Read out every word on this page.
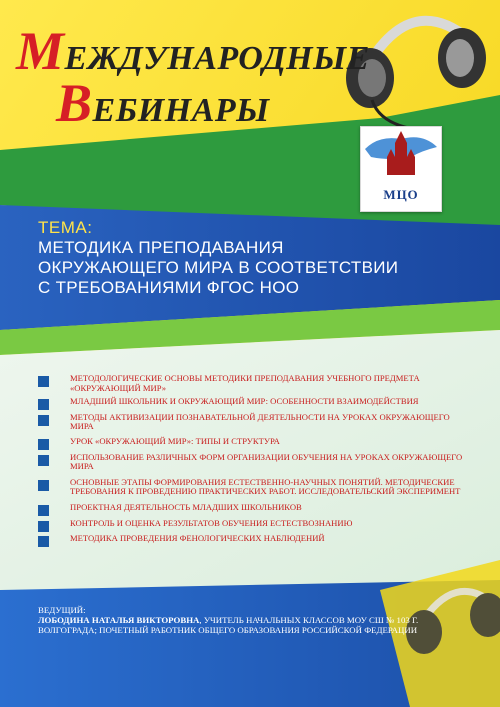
МЕЖДУНАРОДНЫЕ
ВЕБИНАРЫ
МЦО
ТЕМА:
МЕТОДИКА ПРЕПОДАВАНИЯ
ОКРУЖАЮЩЕГО МИРА В СООТВЕТСТВИИ
С ТРЕБОВАНИЯМИ ФГОС НОО
МЕТОДОЛОГИЧЕСКИЕ ОСНОВЫ МЕТОДИКИ ПРЕПОДАВАНИЯ УЧЕБНОГО ПРЕДМЕТА «ОКРУЖАЮЩИЙ МИР»
МЛАДШИЙ ШКОЛЬНИК И ОКРУЖАЮЩИЙ МИР: ОСОБЕННОСТИ ВЗАИМОДЕЙСТВИЯ
МЕТОДЫ АКТИВИЗАЦИИ ПОЗНАВАТЕЛЬНОЙ ДЕЯТЕЛЬНОСТИ НА УРОКАХ ОКРУЖАЮЩЕГО МИРА
УРОК «ОКРУЖАЮЩИЙ МИР»: ТИПЫ И СТРУКТУРА
ИСПОЛЬЗОВАНИЕ РАЗЛИЧНЫХ ФОРМ ОРГАНИЗАЦИИ ОБУЧЕНИЯ НА УРОКАХ ОКРУЖАЮЩЕГО МИРА
ОСНОВНЫЕ ЭТАПЫ ФОРМИРОВАНИЯ ЕСТЕСТВЕННО-НАУЧНЫХ ПОНЯТИЙ. МЕТОДИЧЕСКИЕ ТРЕБОВАНИЯ К ПРОВЕДЕНИЮ ПРАКТИЧЕСКИХ РАБОТ. ИССЛЕДОВАТЕЛЬСКИЙ ЭКСПЕРИМЕНТ
ПРОЕКТНАЯ ДЕЯТЕЛЬНОСТЬ МЛАДШИХ ШКОЛЬНИКОВ
КОНТРОЛЬ И ОЦЕНКА РЕЗУЛЬТАТОВ ОБУЧЕНИЯ ЕСТЕСТВОЗНАНИЮ
МЕТОДИКА ПРОВЕДЕНИЯ ФЕНОЛОГИЧЕСКИХ НАБЛЮДЕНИЙ
ВЕДУЩИЙ:
ЛОБОДИНА НАТАЛЬЯ ВИКТОРОВНА, УЧИТЕЛЬ НАЧАЛЬНЫХ КЛАССОВ МОУ СШ № 103 Г. ВОЛГОГРАДА; ПОЧЕТНЫЙ РАБОТНИК ОБЩЕГО ОБРАЗОВАНИЯ РОССИЙСКОЙ ФЕДЕРАЦИИ
